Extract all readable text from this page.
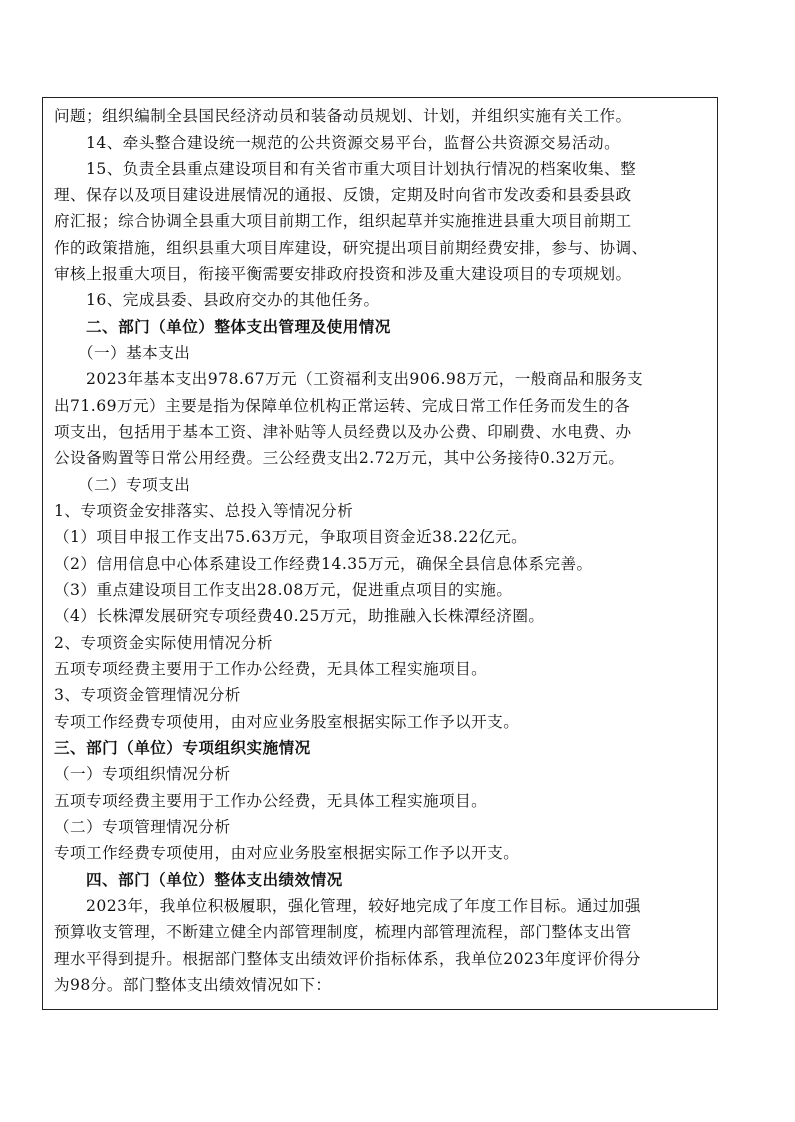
问题；组织编制全县国民经济动员和装备动员规划、计划，并组织实施有关工作。
14、牵头整合建设统一规范的公共资源交易平台，监督公共资源交易活动。
15、负责全县重点建设项目和有关省市重大项目计划执行情况的档案收集、整
理、保存以及项目建设进展情况的通报、反馈，定期及时向省市发改委和县委县政
府汇报；综合协调全县重大项目前期工作，组织起草并实施推进县重大项目前期工
作的政策措施，组织县重大项目库建设，研究提出项目前期经费安排，参与、协调、
审核上报重大项目，衔接平衡需要安排政府投资和涉及重大建设项目的专项规划。
16、完成县委、县政府交办的其他任务。
二、部门（单位）整体支出管理及使用情况
（一）基本支出
2023年基本支出978.67万元（工资福利支出906.98万元，一般商品和服务支
出71.69万元）主要是指为保障单位机构正常运转、完成日常工作任务而发生的各
项支出，包括用于基本工资、津补贴等人员经费以及办公费、印刷费、水电费、办
公设备购置等日常公用经费。三公经费支出2.72万元，其中公务接待0.32万元。
（二）专项支出
1、专项资金安排落实、总投入等情况分析
（1）项目申报工作支出75.63万元，争取项目资金近38.22亿元。
（2）信用信息中心体系建设工作经费14.35万元，确保全县信息体系完善。
（3）重点建设项目工作支出28.08万元，促进重点项目的实施。
（4）长株潭发展研究专项经费40.25万元，助推融入长株潭经济圈。
2、专项资金实际使用情况分析
五项专项经费主要用于工作办公经费，无具体工程实施项目。
3、专项资金管理情况分析
专项工作经费专项使用，由对应业务股室根据实际工作予以开支。
三、部门（单位）专项组织实施情况
（一）专项组织情况分析
五项专项经费主要用于工作办公经费，无具体工程实施项目。
（二）专项管理情况分析
专项工作经费专项使用，由对应业务股室根据实际工作予以开支。
四、部门（单位）整体支出绩效情况
2023年，我单位积极履职，强化管理，较好地完成了年度工作目标。通过加强
预算收支管理，不断建立健全内部管理制度，梳理内部管理流程，部门整体支出管
理水平得到提升。根据部门整体支出绩效评价指标体系，我单位2023年度评价得分
为98分。部门整体支出绩效情况如下：
